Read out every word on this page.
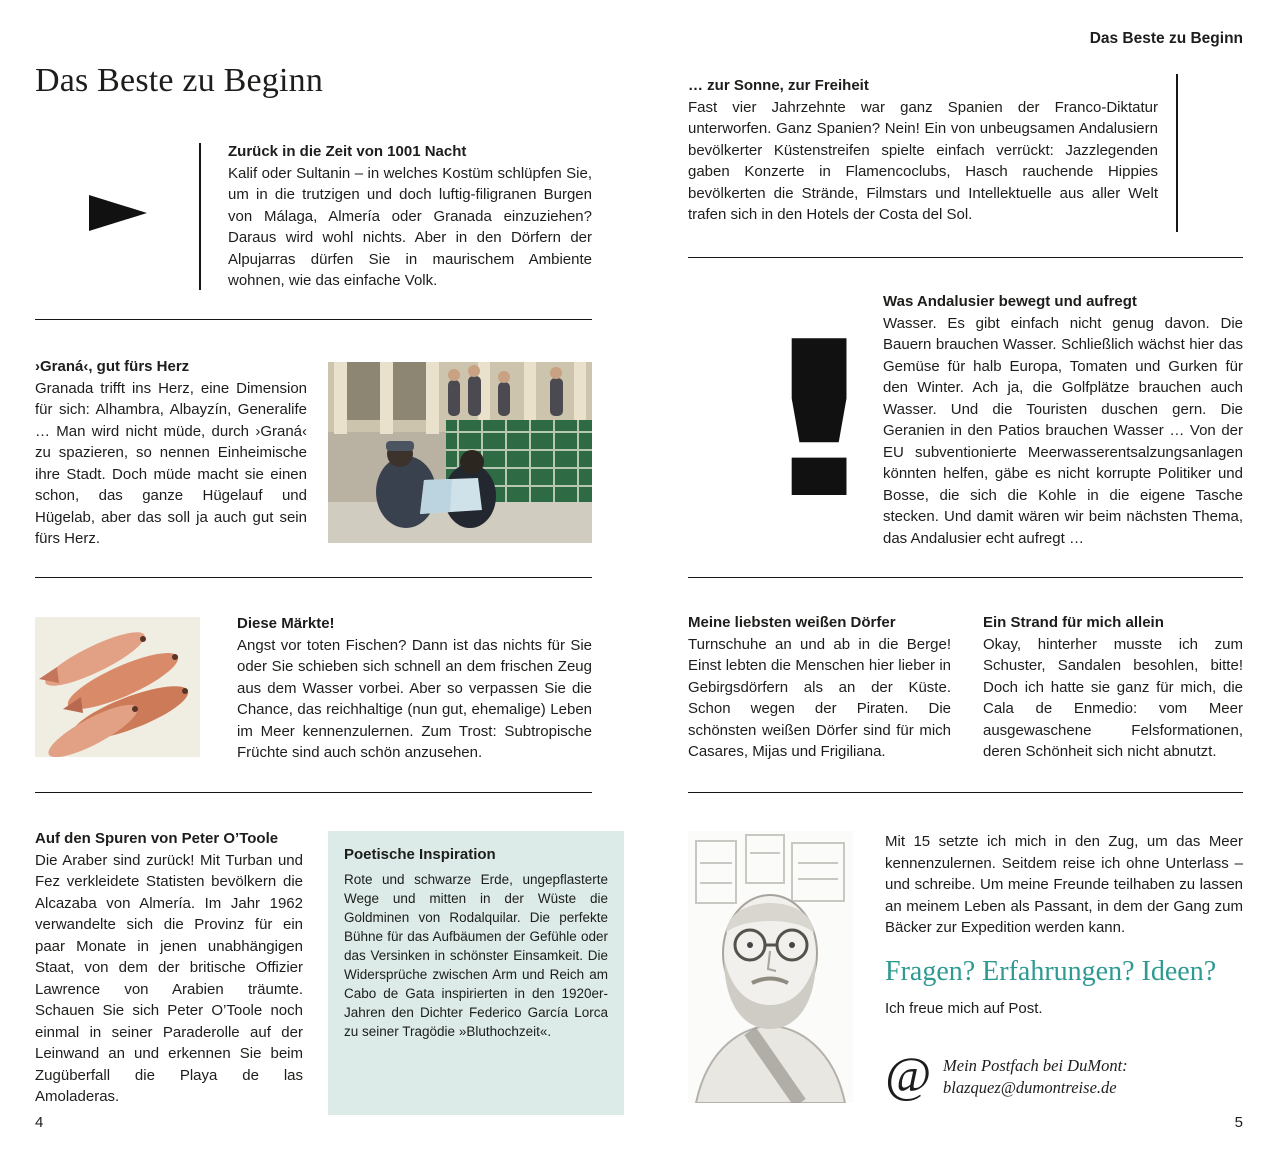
Das Beste zu Beginn
Zurück in die Zeit von 1001 Nacht
Kalif oder Sultanin – in welches Kostüm schlüpfen Sie, um in die trutzigen und doch luftig-filigranen Burgen von Málaga, Almería oder Granada einzuziehen? Daraus wird wohl nichts. Aber in den Dörfern der Alpujarras dürfen Sie in maurischem Ambiente wohnen, wie das einfache Volk.
›Graná‹, gut fürs Herz
Granada trifft ins Herz, eine Dimension für sich: Alhambra, Albayzín, Generalife … Man wird nicht müde, durch ›Graná‹ zu spazieren, so nennen Einheimische ihre Stadt. Doch müde macht sie einen schon, das ganze Hügelauf und Hügelab, aber das soll ja auch gut sein fürs Herz.
Diese Märkte!
Angst vor toten Fischen? Dann ist das nichts für Sie oder Sie schieben sich schnell an dem frischen Zeug aus dem Wasser vorbei. Aber so verpassen Sie die Chance, das reichhaltige (nun gut, ehemalige) Leben im Meer kennenzulernen. Zum Trost: Subtropische Früchte sind auch schön anzusehen.
Auf den Spuren von Peter O’Toole
Die Araber sind zurück! Mit Turban und Fez verkleidete Statisten bevölkern die Alcazaba von Almería. Im Jahr 1962 verwandelte sich die Provinz für ein paar Monate in jenen unabhängigen Staat, von dem der britische Offizier Lawrence von Arabien träumte. Schauen Sie sich Peter O’Toole noch einmal in seiner Paraderolle auf der Leinwand an und erkennen Sie beim Zugüberfall die Playa de las Amoladeras.
Poetische Inspiration
Rote und schwarze Erde, ungepflasterte Wege und mitten in der Wüste die Goldminen von Rodalquilar. Die perfekte Bühne für das Aufbäumen der Gefühle oder das Versinken in schönster Einsamkeit. Die Widersprüche zwischen Arm und Reich am Cabo de Gata inspirierten in den 1920er-Jahren den Dichter Federico García Lorca zu seiner Tragödie »Bluthochzeit«.
4
Das Beste zu Beginn
… zur Sonne, zur Freiheit
Fast vier Jahrzehnte war ganz Spanien der Franco-Diktatur unterworfen. Ganz Spanien? Nein! Ein von unbeugsamen Andalusiern bevölkerter Küstenstreifen spielte einfach verrückt: Jazzlegenden gaben Konzerte in Flamencoclubs, Hasch rauchende Hippies bevölkerten die Strände, Filmstars und Intellektuelle aus aller Welt trafen sich in den Hotels der Costa del Sol.
!
Was Andalusier bewegt und aufregt
Wasser. Es gibt einfach nicht genug davon. Die Bauern brauchen Wasser. Schließlich wächst hier das Gemüse für halb Europa, Tomaten und Gurken für den Winter. Ach ja, die Golfplätze brauchen auch Wasser. Und die Touristen duschen gern. Die Geranien in den Patios brauchen Wasser … Von der EU subventionierte Meerwasserentsalzungsanlagen könnten helfen, gäbe es nicht korrupte Politiker und Bosse, die sich die Kohle in die eigene Tasche stecken. Und damit wären wir beim nächsten Thema, das Andalusier echt aufregt …
Meine liebsten weißen Dörfer
Turnschuhe an und ab in die Berge! Einst lebten die Menschen hier lieber in Gebirgsdörfern als an der Küste. Schon wegen der Piraten. Die schönsten weißen Dörfer sind für mich Casares, Mijas und Frigiliana.
Ein Strand für mich allein
Okay, hinterher musste ich zum Schuster, Sandalen besohlen, bitte! Doch ich hatte sie ganz für mich, die Cala de Enmedio: vom Meer ausgewaschene Felsformationen, deren Schönheit sich nicht abnutzt.
Mit 15 setzte ich mich in den Zug, um das Meer kennenzulernen. Seitdem reise ich ohne Unterlass – und schreibe. Um meine Freunde teilhaben zu lassen an meinem Leben als Passant, in dem der Gang zum Bäcker zur Expedition werden kann.
Fragen? Erfahrungen? Ideen?
Ich freue mich auf Post.
@ Mein Postfach bei DuMont:
blazquez@dumontreise.de
5
